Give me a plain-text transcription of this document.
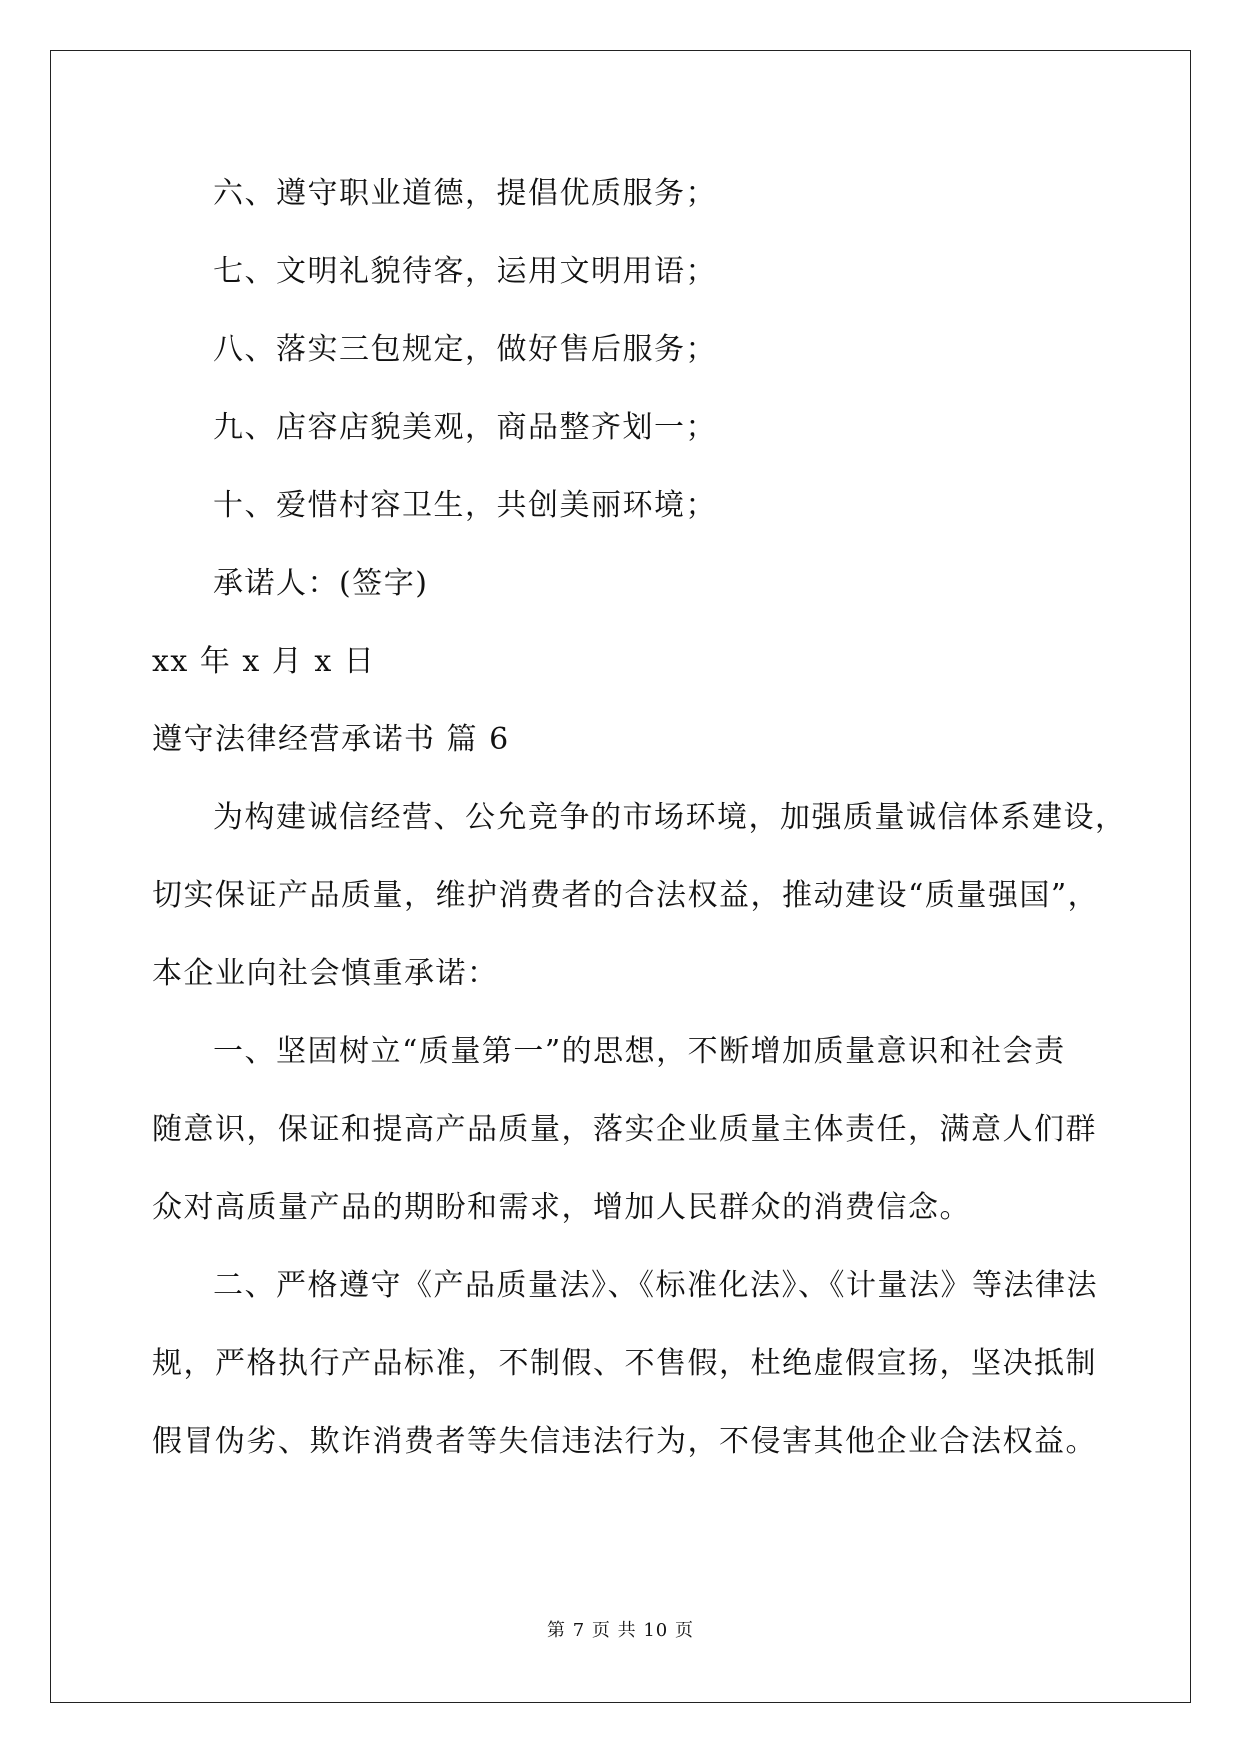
六、遵守职业道德，提倡优质服务；
七、文明礼貌待客，运用文明用语；
八、落实三包规定，做好售后服务；
九、店容店貌美观，商品整齐划一；
十、爱惜村容卫生，共创美丽环境；
承诺人：(签字)
xx 年 x 月 x 日
遵守法律经营承诺书 篇 6
为构建诚信经营、公允竞争的市场环境，加强质量诚信体系建设，
切实保证产品质量，维护消费者的合法权益，推动建设“质量强国”，
本企业向社会慎重承诺：
一、坚固树立“质量第一”的思想，不断增加质量意识和社会责
随意识，保证和提高产品质量，落实企业质量主体责任，满意人们群
众对高质量产品的期盼和需求，增加人民群众的消费信念。
二、严格遵守《产品质量法》、《标准化法》、《计量法》等法律法
规，严格执行产品标准，不制假、不售假，杜绝虚假宣扬，坚决抵制
假冒伪劣、欺诈消费者等失信违法行为，不侵害其他企业合法权益。
第 7 页 共 10 页
